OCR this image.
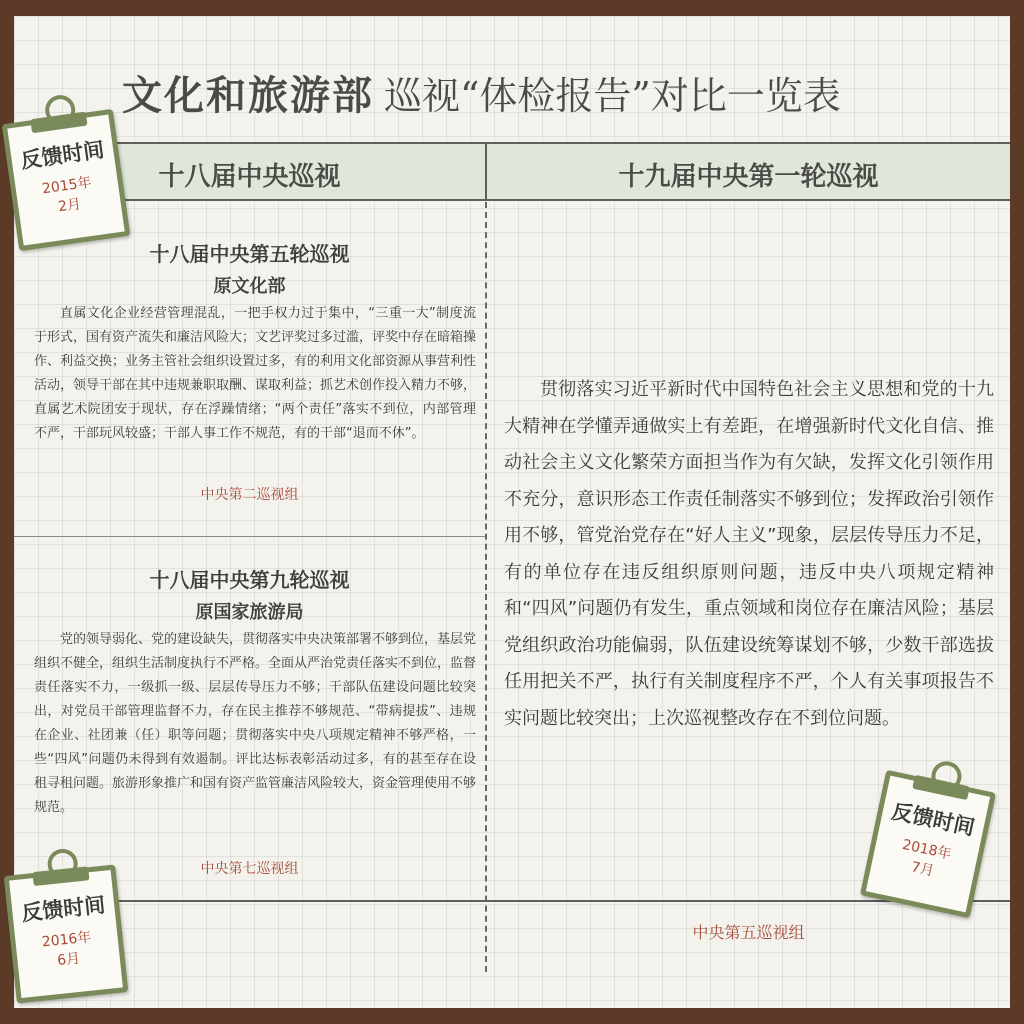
文化和旅游部 巡视“体检报告”对比一览表
十八届中央巡视	十九届中央第一轮巡视
十八届中央第五轮巡视
原文化部
直属文化企业经营管理混乱，一把手权力过于集中，“三重一大”制度流于形式，国有资产流失和廉洁风险大；文艺评奖过多过滥，评奖中存在暗箱操作、利益交换；业务主管社会组织设置过多，有的利用文化部资源从事营利性活动，领导干部在其中违规兼职取酬、谋取利益；抓艺术创作投入精力不够，直属艺术院团安于现状，存在浮躁情绪；“两个责任”落实不到位，内部管理不严，干部玩风较盛；干部人事工作不规范，有的干部“退而不休”。
中央第二巡视组
十八届中央第九轮巡视
原国家旅游局
党的领导弱化、党的建设缺失，贯彻落实中央决策部署不够到位，基层党组织不健全，组织生活制度执行不严格。全面从严治党责任落实不到位，监督责任落实不力，一级抓一级、层层传导压力不够；干部队伍建设问题比较突出，对党员干部管理监督不力，存在民主推荐不够规范、“带病提拔”、违规在企业、社团兼（任）职等问题；贯彻落实中央八项规定精神不够严格，一些“四风”问题仍未得到有效遏制。评比达标表彰活动过多，有的甚至存在设租寻租问题。旅游形象推广和国有资产监管廉洁风险较大，资金管理使用不够规范。
中央第七巡视组
贯彻落实习近平新时代中国特色社会主义思想和党的十九大精神在学懂弄通做实上有差距，在增强新时代文化自信、推动社会主义文化繁荣方面担当作为有欠缺，发挥文化引领作用不充分，意识形态工作责任制落实不够到位；发挥政治引领作用不够，管党治党存在“好人主义”现象，层层传导压力不足，有的单位存在违反组织原则问题，违反中央八项规定精神和“四风”问题仍有发生，重点领域和岗位存在廉洁风险；基层党组织政治功能偏弱，队伍建设统筹谋划不够，少数干部选拔任用把关不严，执行有关制度程序不严，个人有关事项报告不实问题比较突出；上次巡视整改存在不到位问题。
中央第五巡视组
反馈时间
2015年
2月
反馈时间
2016年
6月
反馈时间
2018年
7月
